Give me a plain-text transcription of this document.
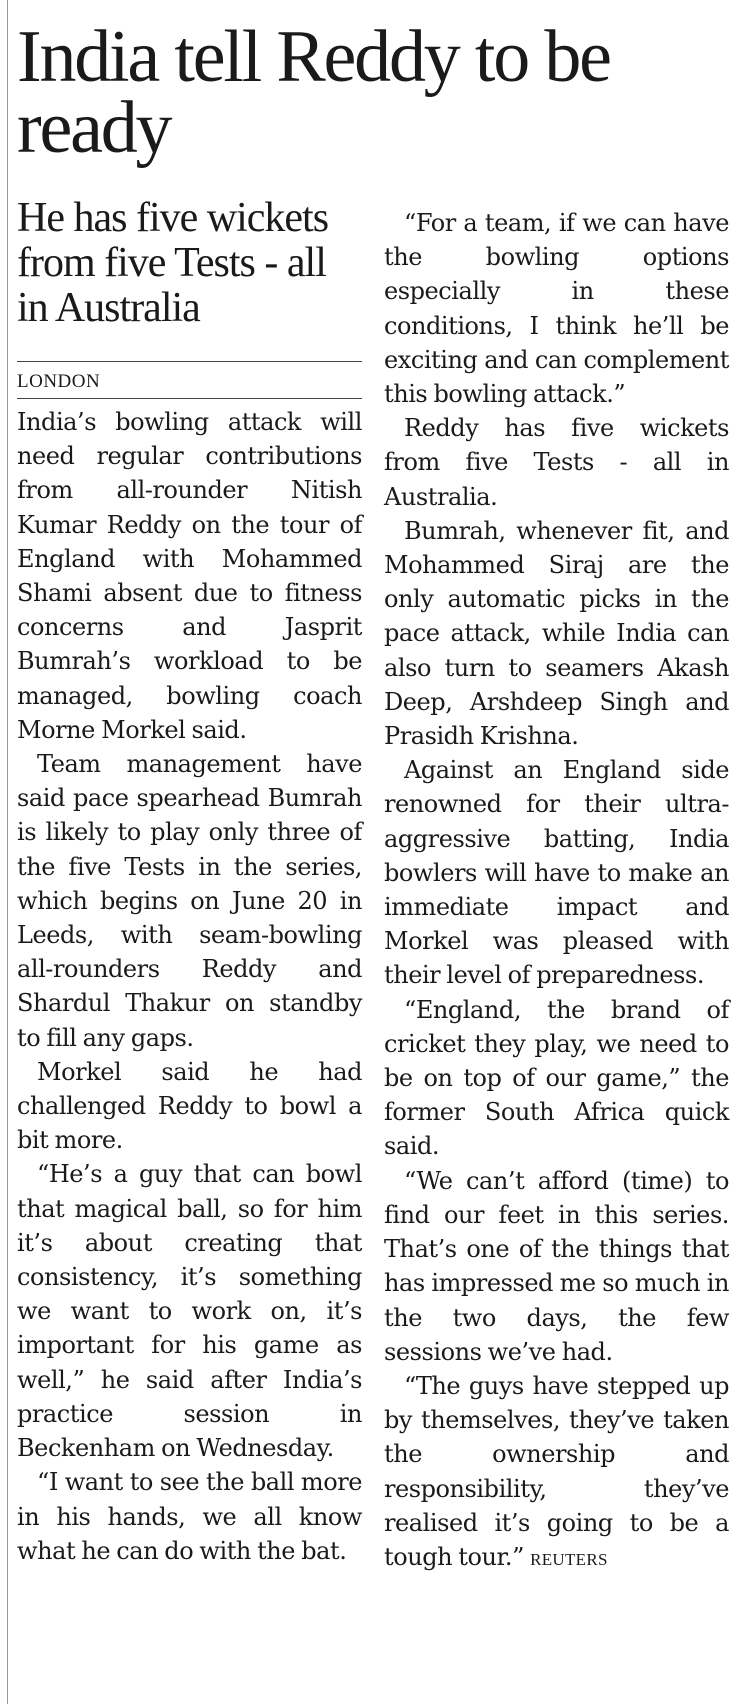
India tell Reddy to be ready
He has five wickets from five Tests - all in Australia
LONDON

India’s bowling attack will need regular contributions from all-rounder Nitish Kumar Reddy on the tour of England with Mohammed Shami absent due to fitness concerns and Jasprit Bumrah’s workload to be managed, bowling coach Morne Morkel said.

Team management have said pace spearhead Bumrah is likely to play only three of the five Tests in the series, which begins on June 20 in Leeds, with seam-bowling all-rounders Reddy and Shardul Thakur on standby to fill any gaps.

Morkel said he had challenged Reddy to bowl a bit more.

“He’s a guy that can bowl that magical ball, so for him it’s about creating that consistency, it’s something we want to work on, it’s important for his game as well,” he said after India’s practice session in Beckenham on Wednesday.

“I want to see the ball more in his hands, we all know what he can do with the bat.

“For a team, if we can have the bowling options especially in these conditions, I think he’ll be exciting and can complement this bowling attack.”

Reddy has five wickets from five Tests - all in Australia.

Bumrah, whenever fit, and Mohammed Siraj are the only automatic picks in the pace attack, while India can also turn to seamers Akash Deep, Arshdeep Singh and Prasidh Krishna.

Against an England side renowned for their ultra-aggressive batting, India bowlers will have to make an immediate impact and Morkel was pleased with their level of preparedness.

“England, the brand of cricket they play, we need to be on top of our game,” the former South Africa quick said.

“We can’t afford (time) to find our feet in this series. That’s one of the things that has impressed me so much in the two days, the few sessions we’ve had.

“The guys have stepped up by themselves, they’ve taken the ownership and responsibility, they’ve realised it’s going to be a tough tour.” REUTERS
